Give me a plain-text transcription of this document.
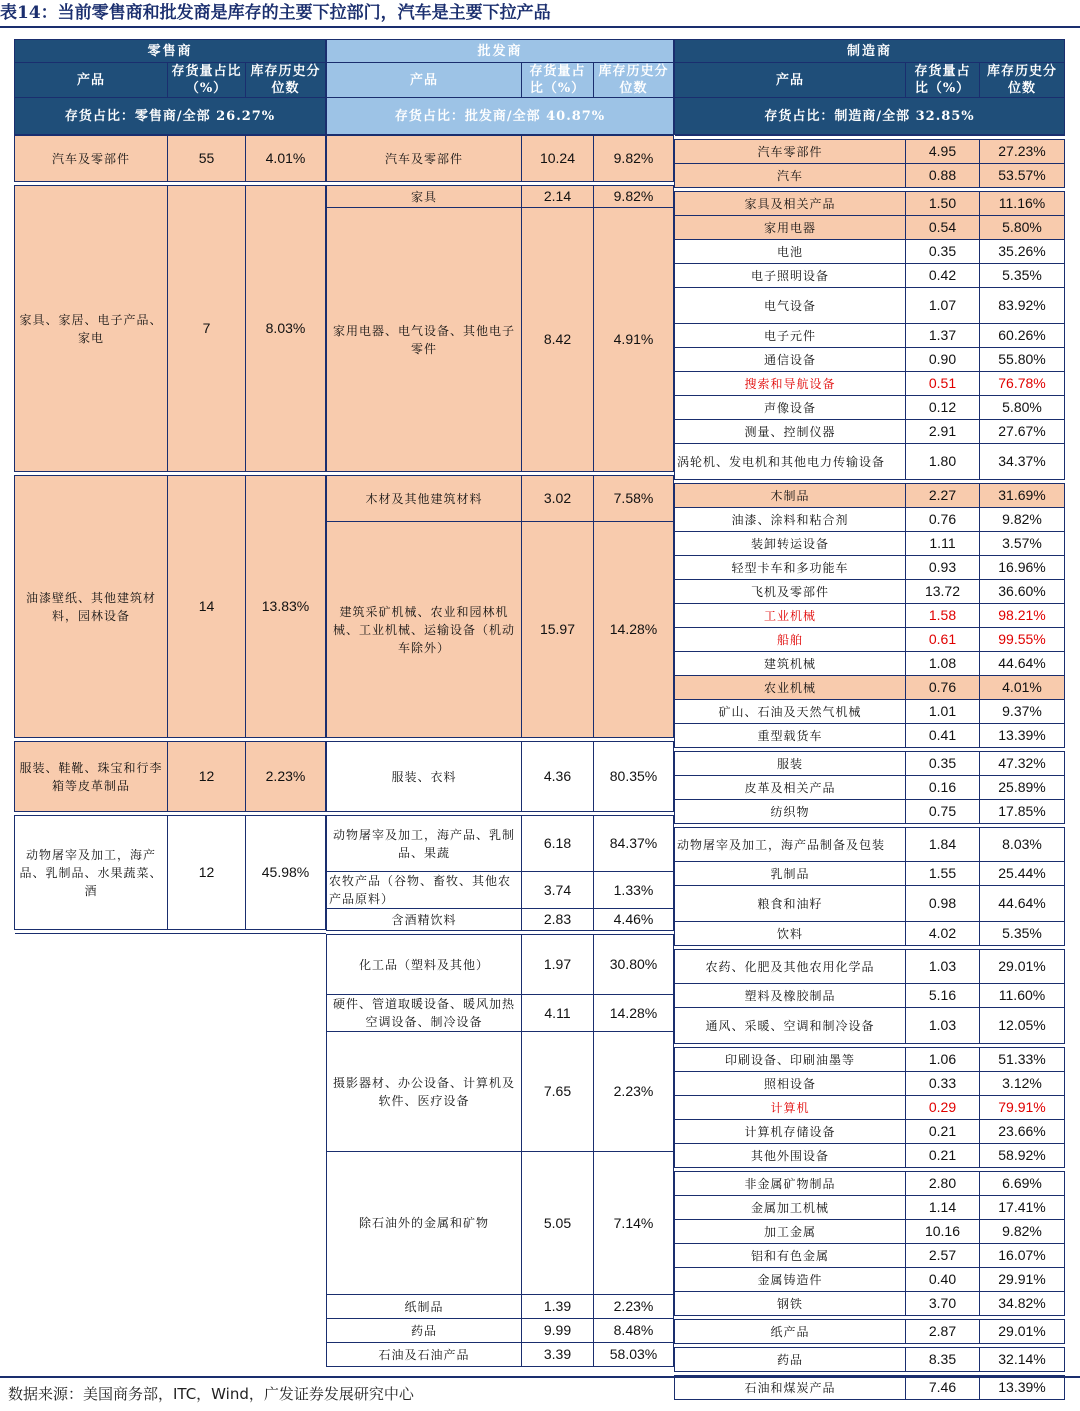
表14：当前零售商和批发商是库存的主要下拉部门，汽车是主要下拉产品
零售商		
产品	存货量占比（%）	库存历史分位数
存货占比：零售商/全部 26.27%		

汽车及零部件	55	4.01%

家具、家居、电子产品、家电	7	8.03%

油漆壁纸、其他建筑材料，园林设备	14	13.83%

服装、鞋靴、珠宝和行李箱等皮革制品	12	2.23%

动物屠宰及加工，海产品、乳制品、水果蔬菜、酒	12	45.98%

批发商		
产品	存货量占比（%）	库存历史分位数
存货占比：批发商/全部 40.87%		

汽车及零部件	10.24	9.82%

家具	2.14	9.82%
家用电器、电气设备、其他电子零件	8.42	4.91%

木材及其他建筑材料	3.02	7.58%
建筑采矿机械、农业和园林机械、工业机械、运输设备（机动车除外）	15.97	14.28%

服装、衣料	4.36	80.35%

动物屠宰及加工，海产品、乳制品、果蔬	6.18	84.37%
农牧产品（谷物、畜牧、其他农产品原料）	3.74	1.33%
含酒精饮料	2.83	4.46%

化工品（塑料及其他）	1.97	30.80%
硬件、管道取暖设备、暖风加热空调设备、制冷设备	4.11	14.28%
摄影器材、办公设备、计算机及软件、医疗设备	7.65	2.23%
除石油外的金属和矿物	5.05	7.14%
纸制品	1.39	2.23%
药品	9.99	8.48%
石油及石油产品	3.39	58.03%
制造商		
产品	存货量占比（%）	库存历史分位数
存货占比：制造商/全部 32.85%		

汽车零部件	4.95	27.23%
汽车	0.88	53.57%

家具及相关产品	1.50	11.16%
家用电器	0.54	5.80%
电池	0.35	35.26%
电子照明设备	0.42	5.35%
电气设备	1.07	83.92%
电子元件	1.37	60.26%
通信设备	0.90	55.80%
搜索和导航设备	0.51	76.78%
声像设备	0.12	5.80%
测量、控制仪器	2.91	27.67%
涡轮机、发电机和其他电力传输设备	1.80	34.37%

木制品	2.27	31.69%
油漆、涂料和粘合剂	0.76	9.82%
装卸转运设备	1.11	3.57%
轻型卡车和多功能车	0.93	16.96%
飞机及零部件	13.72	36.60%
工业机械	1.58	98.21%
船舶	0.61	99.55%
建筑机械	1.08	44.64%
农业机械	0.76	4.01%
矿山、石油及天然气机械	1.01	9.37%
重型载货车	0.41	13.39%

服装	0.35	47.32%
皮革及相关产品	0.16	25.89%
纺织物	0.75	17.85%

动物屠宰及加工，海产品制备及包装	1.84	8.03%
乳制品	1.55	25.44%
粮食和油籽	0.98	44.64%
饮料	4.02	5.35%

农药、化肥及其他农用化学品	1.03	29.01%
塑料及橡胶制品	5.16	11.60%
通风、采暖、空调和制冷设备	1.03	12.05%

印刷设备、印刷油墨等	1.06	51.33%
照相设备	0.33	3.12%
计算机	0.29	79.91%
计算机存储设备	0.21	23.66%
其他外围设备	0.21	58.92%

非金属矿物制品	2.80	6.69%
金属加工机械	1.14	17.41%
加工金属	10.16	9.82%
铝和有色金属	2.57	16.07%
金属铸造件	0.40	29.91%
钢铁	3.70	34.82%

纸产品	2.87	29.01%

药品	8.35	32.14%

石油和煤炭产品	7.46	13.39%
数据来源：美国商务部，ITC，Wind，广发证券发展研究中心
